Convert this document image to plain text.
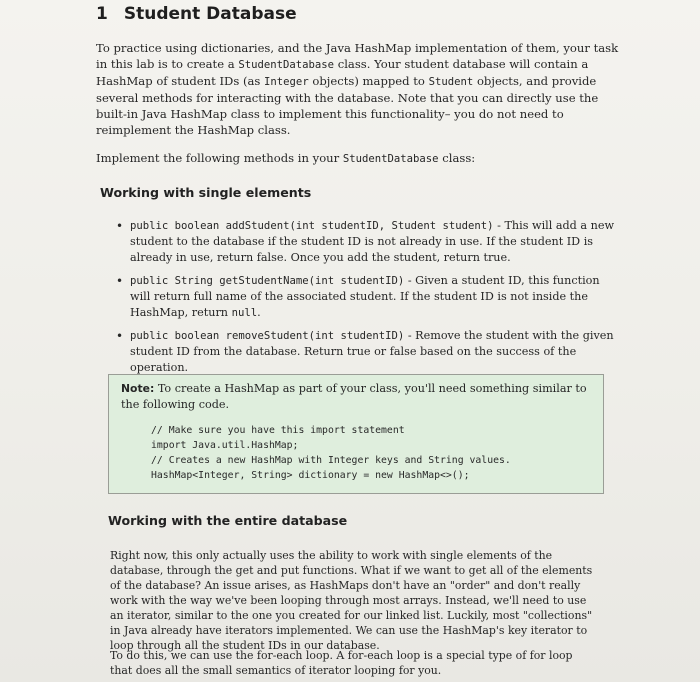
1 Student Database
To practice using dictionaries, and the Java HashMap implementation of them, your task in this lab is to create a StudentDatabase class. Your student database will contain a HashMap of student IDs (as Integer objects) mapped to Student objects, and provide several methods for interacting with the database. Note that you can directly use the built-in Java HashMap class to implement this functionality– you do not need to reimplement the HashMap class.
Implement the following methods in your StudentDatabase class:
Working with single elements
• public boolean addStudent(int studentID, Student student) - This will add a new student to the database if the student ID is not already in use. If the student ID is already in use, return false. Once you add the student, return true.
• public String getStudentName(int studentID) - Given a student ID, this function will return full name of the associated student. If the student ID is not inside the HashMap, return null.
• public boolean removeStudent(int studentID) - Remove the student with the given student ID from the database. Return true or false based on the success of the operation.
Note: To create a HashMap as part of your class, you'll need something similar to the following code.
// Make sure you have this import statement
import Java.util.HashMap;
// Creates a new HashMap with Integer keys and String values.
HashMap<Integer, String> dictionary = new HashMap<>();
Working with the entire database
Right now, this only actually uses the ability to work with single elements of the database, through the get and put functions. What if we want to get all of the elements of the database? An issue arises, as HashMaps don't have an "order" and don't really work with the way we've been looping through most arrays. Instead, we'll need to use an iterator, similar to the one you created for our linked list. Luckily, most "collections" in Java already have iterators implemented. We can use the HashMap's key iterator to loop through all the student IDs in our database.
To do this, we can use the for-each loop. A for-each loop is a special type of for loop that does all the small semantics of iterator looping for you.
